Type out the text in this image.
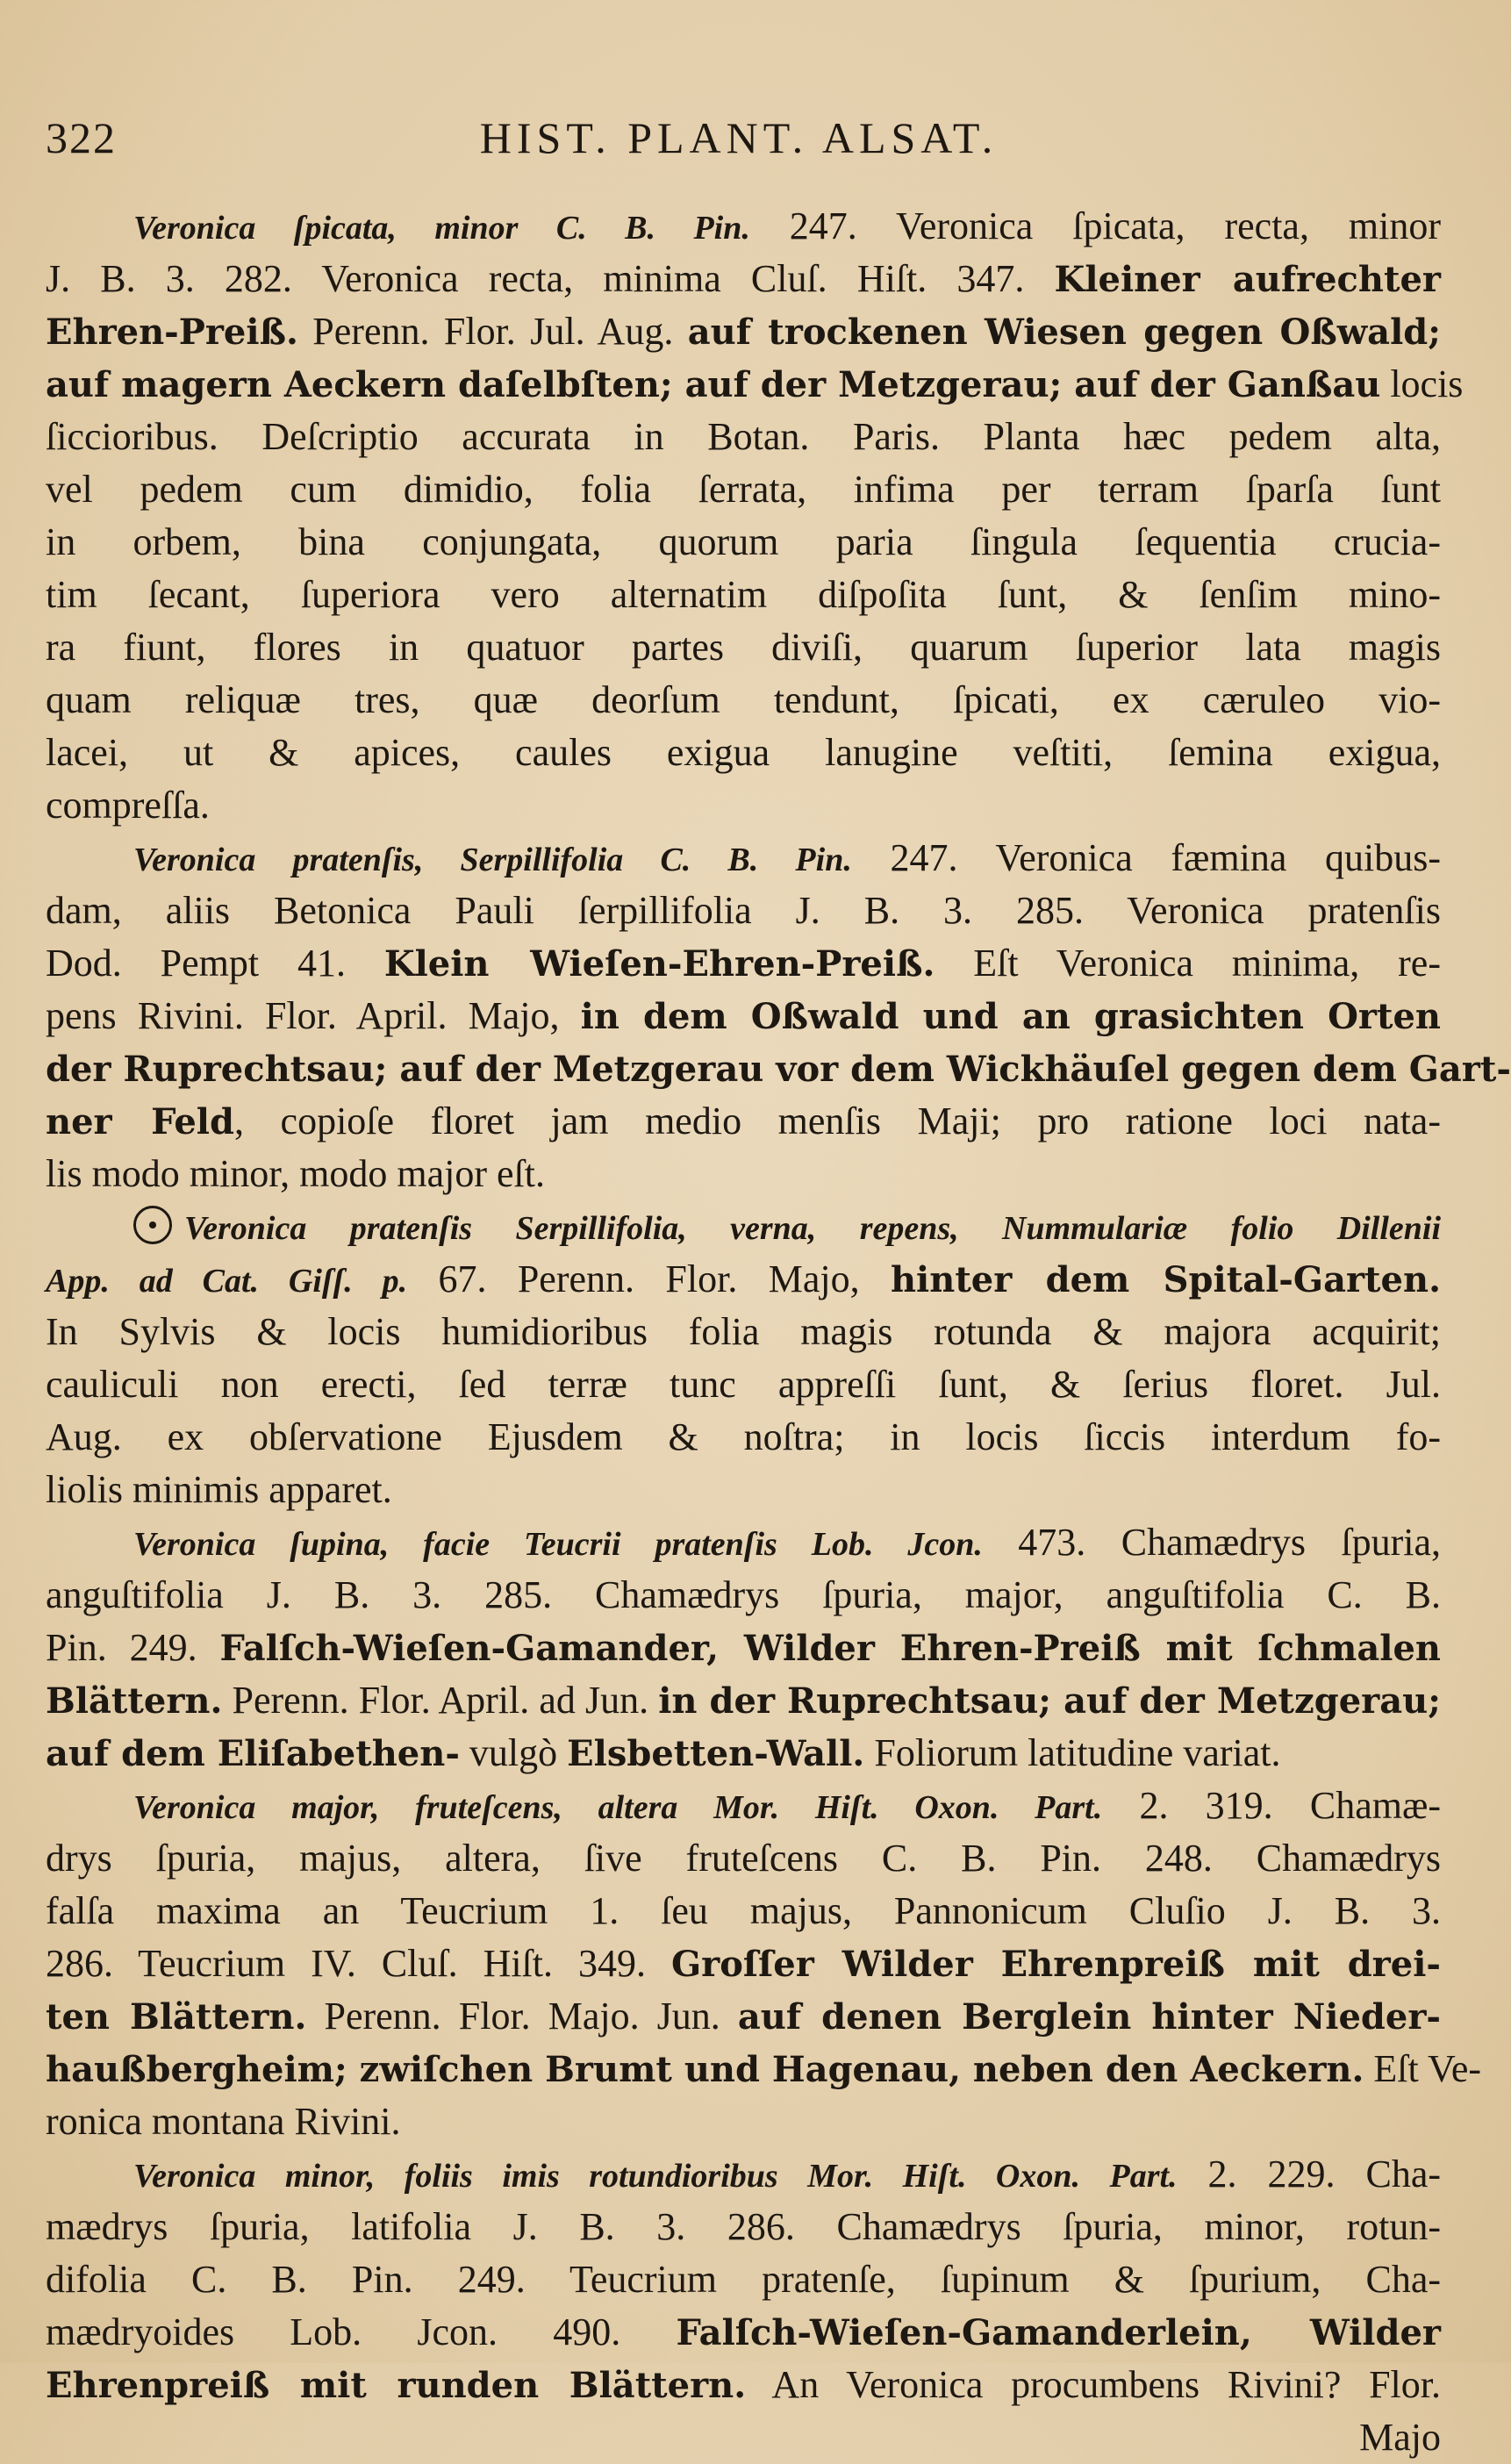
322	HIST. PLANT. ALSAT.
Veronica ſpicata, minor C. B. Pin. 247. Veronica ſpicata, recta, minor
J. B. 3. 282. Veronica recta, minima Cluſ. Hiſt. 347. Kleiner aufrechter
Ehren-Preiß. Perenn. Flor. Jul. Aug. auf trockenen Wiesen gegen Oßwald;
auf magern Aeckern daſelbſten; auf der Metzgerau; auf der Ganßau locis
ſiccioribus. Deſcriptio accurata in Botan. Paris. Planta hæc pedem alta,
vel pedem cum dimidio, folia ſerrata, infima per terram ſparſa ſunt
in orbem, bina conjungata, quorum paria ſingula ſequentia crucia-
tim ſecant, ſuperiora vero alternatim diſpoſita ſunt, & ſenſim mino-
ra fiunt, flores in quatuor partes diviſi, quarum ſuperior lata magis
quam reliquæ tres, quæ deorſum tendunt, ſpicati, ex cæruleo vio-
lacei, ut & apices, caules exigua lanugine veſtiti, ſemina exigua,
compreſſa.
Veronica pratenſis, Serpillifolia C. B. Pin. 247. Veronica fæmina quibus-
dam, aliis Betonica Pauli ſerpillifolia J. B. 3. 285. Veronica pratenſis
Dod. Pempt 41. Klein Wieſen-Ehren-Preiß. Eſt Veronica minima, re-
pens Rivini. Flor. April. Majo, in dem Oßwald und an grasichten Orten
der Ruprechtsau; auf der Metzgerau vor dem Wickhäuſel gegen dem Gart-
ner Feld, copioſe floret jam medio menſis Maji; pro ratione loci nata-
lis modo minor, modo major eſt.
Veronica pratenſis Serpillifolia, verna, repens, Nummulariæ folio Dillenii
App. ad Cat. Giſſ. p. 67. Perenn. Flor. Majo, hinter dem Spital-Garten.
In Sylvis & locis humidioribus folia magis rotunda & majora acquirit;
cauliculi non erecti, ſed terræ tunc appreſſi ſunt, & ſerius floret. Jul.
Aug. ex obſervatione Ejusdem & noſtra; in locis ſiccis interdum fo-
liolis minimis apparet.
Veronica ſupina, facie Teucrii pratenſis Lob. Jcon. 473. Chamædrys ſpuria,
anguſtifolia J. B. 3. 285. Chamædrys ſpuria, major, anguſtifolia C. B.
Pin. 249. Falſch-Wieſen-Gamander, Wilder Ehren-Preiß mit ſchmalen
Blättern. Perenn. Flor. April. ad Jun. in der Ruprechtsau; auf der Metzgerau;
auf dem Eliſabethen- vulgò Elsbetten-Wall. Foliorum latitudine variat.
Veronica major, fruteſcens, altera Mor. Hiſt. Oxon. Part. 2. 319. Chamæ-
drys ſpuria, majus, altera, ſive fruteſcens C. B. Pin. 248. Chamædrys
falſa maxima an Teucrium 1. ſeu majus, Pannonicum Cluſio J. B. 3.
286. Teucrium IV. Cluſ. Hiſt. 349. Groſſer Wilder Ehrenpreiß mit drei-
ten Blättern. Perenn. Flor. Majo. Jun. auf denen Berglein hinter Nieder-
haußbergheim; zwiſchen Brumt und Hagenau, neben den Aeckern. Eſt Ve-
ronica montana Rivini.
Veronica minor, foliis imis rotundioribus Mor. Hiſt. Oxon. Part. 2. 229. Cha-
mædrys ſpuria, latifolia J. B. 3. 286. Chamædrys ſpuria, minor, rotun-
difolia C. B. Pin. 249. Teucrium pratenſe, ſupinum & ſpurium, Cha-
mædryoides Lob. Jcon. 490. Falſch-Wieſen-Gamanderlein, Wilder
Ehrenpreiß mit runden Blättern. An Veronica procumbens Rivini? Flor.
Majo
